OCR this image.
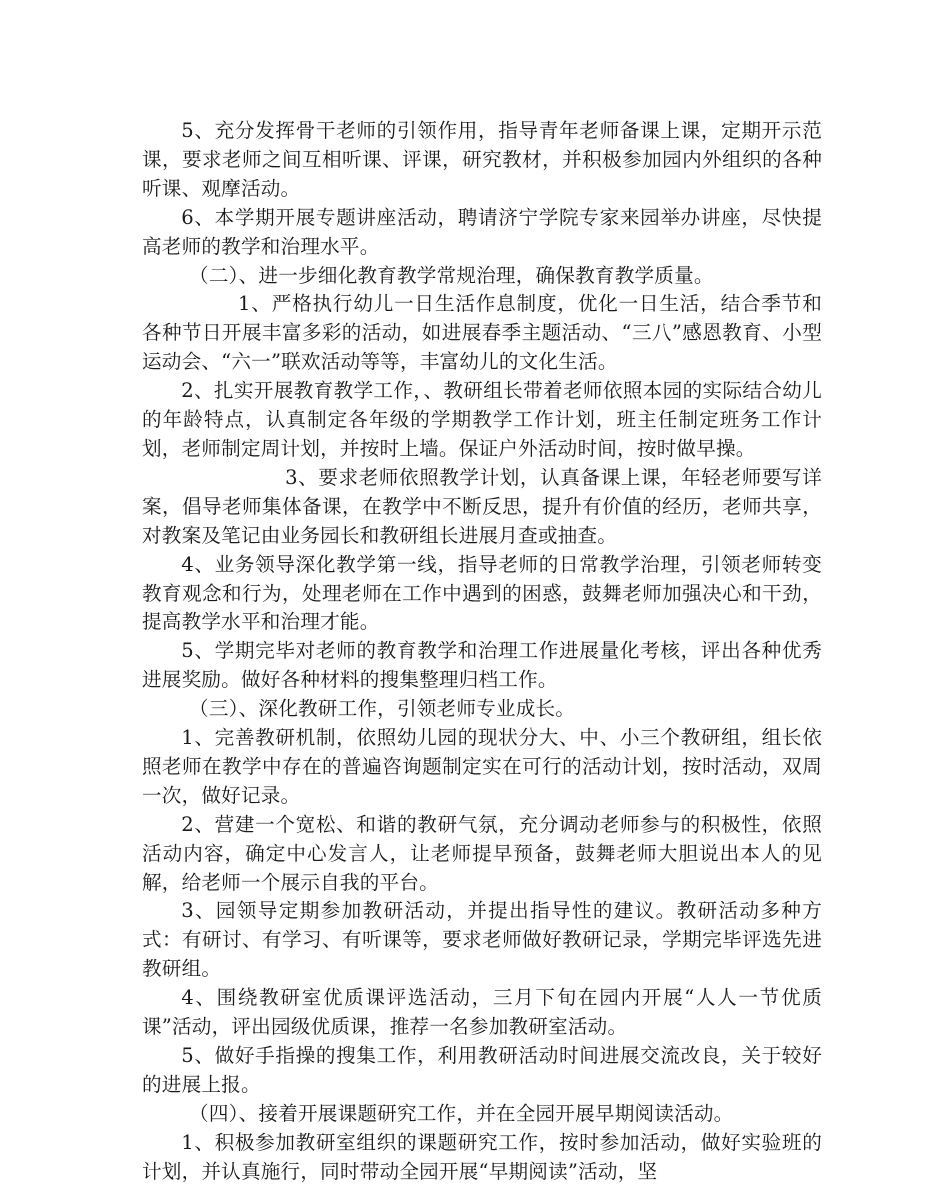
5、充分发挥骨干老师的引领作用，指导青年老师备课上课，定期开示范课，要求老师之间互相听课、评课，研究教材，并积极参加园内外组织的各种听课、观摩活动。

6、本学期开展专题讲座活动，聘请济宁学院专家来园举办讲座，尽快提高老师的教学和治理水平。

（二）、进一步细化教育教学常规治理，确保教育教学质量。

1、严格执行幼儿一日生活作息制度，优化一日生活，结合季节和各种节日开展丰富多彩的活动，如进展春季主题活动、“三八”感恩教育、小型运动会、“六一”联欢活动等等，丰富幼儿的文化生活。

2、扎实开展教育教学工作，、教研组长带着老师依照本园的实际结合幼儿的年龄特点，认真制定各年级的学期教学工作计划，班主任制定班务工作计划，老师制定周计划，并按时上墙。保证户外活动时间，按时做早操。

3、要求老师依照教学计划，认真备课上课，年轻老师要写详案，倡导老师集体备课，在教学中不断反思，提升有价值的经历，老师共享，对教案及笔记由业务园长和教研组长进展月查或抽查。

4、业务领导深化教学第一线，指导老师的日常教学治理，引领老师转变教育观念和行为，处理老师在工作中遇到的困惑，鼓舞老师加强决心和干劲，提高教学水平和治理才能。

5、学期完毕对老师的教育教学和治理工作进展量化考核，评出各种优秀进展奖励。做好各种材料的搜集整理归档工作。

（三）、深化教研工作，引领老师专业成长。

1、完善教研机制，依照幼儿园的现状分大、中、小三个教研组，组长依照老师在教学中存在的普遍咨询题制定实在可行的活动计划，按时活动，双周一次，做好记录。

2、营建一个宽松、和谐的教研气氛，充分调动老师参与的积极性，依照活动内容，确定中心发言人，让老师提早预备，鼓舞老师大胆说出本人的见解，给老师一个展示自我的平台。

3、园领导定期参加教研活动，并提出指导性的建议。教研活动多种方式：有研讨、有学习、有听课等，要求老师做好教研记录，学期完毕评选先进教研组。

4、围绕教研室优质课评选活动，三月下旬在园内开展“人人一节优质课”活动，评出园级优质课，推荐一名参加教研室活动。

5、做好手指操的搜集工作，利用教研活动时间进展交流改良，关于较好的进展上报。

（四）、接着开展课题研究工作，并在全园开展早期阅读活动。

1、积极参加教研室组织的课题研究工作，按时参加活动，做好实验班的计划，并认真施行，同时带动全园开展“早期阅读”活动，坚
